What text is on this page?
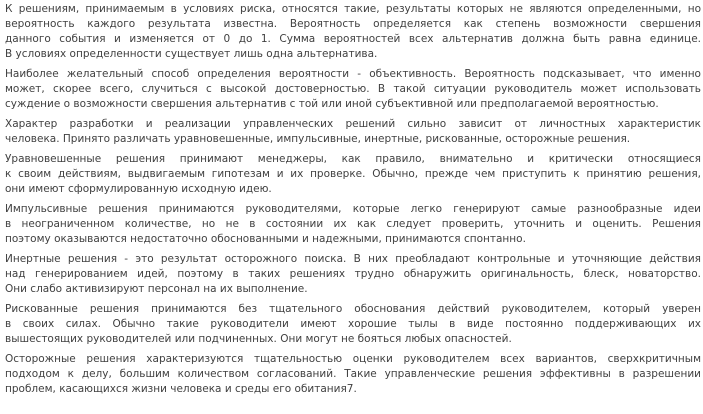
К решениям, принимаемым в условиях риска, относятся такие, результаты которых не являются определенными, но
вероятность каждого результата известна. Вероятность определяется как степень возможности свершения
данного события и изменяется от 0 до 1. Сумма вероятностей всех альтернатив должна быть равна единице.
В условиях определенности существует лишь одна альтернатива.

Наиболее желательный способ определения вероятности - объективность. Вероятность подсказывает, что именно
может, скорее всего, случиться с высокой достоверностью. В такой ситуации руководитель может использовать
суждение о возможности свершения альтернатив с той или иной субъективной или предполагаемой вероятностью.

Характер разработки и реализации управленческих решений сильно зависит от личностных характеристик
человека. Принято различать уравновешенные, импульсивные, инертные, рискованные, осторожные решения.

Уравновешенные решения принимают менеджеры, как правило, внимательно и критически относящиеся
к своим действиям, выдвигаемым гипотезам и их проверке. Обычно, прежде чем приступить к принятию решения,
они имеют сформулированную исходную идею.

Импульсивные решения принимаются руководителями, которые легко генерируют самые разнообразные идеи
в неограниченном количестве, но не в состоянии их как следует проверить, уточнить и оценить. Решения
поэтому оказываются недостаточно обоснованными и надежными, принимаются спонтанно.

Инертные решения - это результат осторожного поиска. В них преобладают контрольные и уточняющие действия
над генерированием идей, поэтому в таких решениях трудно обнаружить оригинальность, блеск, новаторство.
Они слабо активизируют персонал на их выполнение.

Рискованные решения принимаются без тщательного обоснования действий руководителем, который уверен
в своих силах. Обычно такие руководители имеют хорошие тылы в виде постоянно поддерживающих их
вышестоящих руководителей или подчиненных. Они могут не бояться любых опасностей.

Осторожные решения характеризуются тщательностью оценки руководителем всех вариантов, сверхкритичным
подходом к делу, большим количеством согласований. Такие управленческие решения эффективны в разрешении
проблем, касающихся жизни человека и среды его обитания7.
